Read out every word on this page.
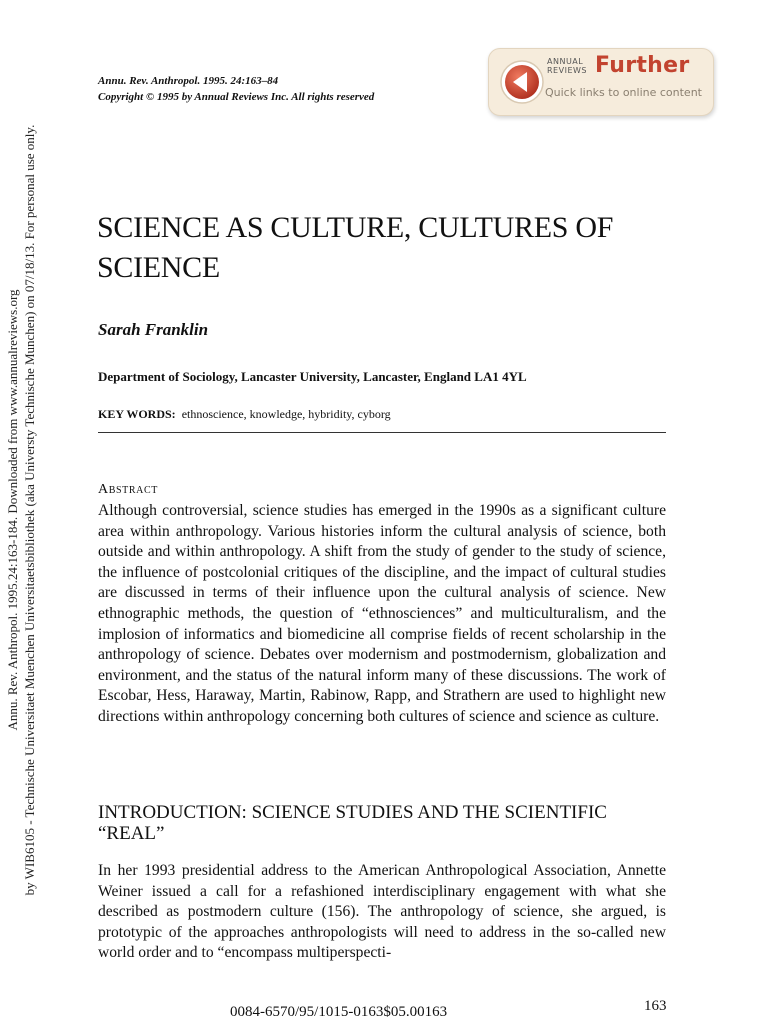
Annu. Rev. Anthropol. 1995.24:163-184. Downloaded from www.annualreviews.org by WIB6105 - Technische Universitaet Muenchen Universitaetsbibliothek (aka Universty Technische Munchen) on 07/18/13. For personal use only.
Annu. Rev. Anthropol. 1995. 24:163–84
Copyright © 1995 by Annual Reviews Inc. All rights reserved
ANNUAL
REVIEWS Further
Quick links to online content
SCIENCE AS CULTURE, CULTURES OF SCIENCE
Sarah Franklin
Department of Sociology, Lancaster University, Lancaster, England LA1 4YL
KEY WORDS: ethnoscience, knowledge, hybridity, cyborg
Abstract

Although controversial, science studies has emerged in the 1990s as a significant culture area within anthropology. Various histories inform the cultural analysis of science, both outside and within anthropology. A shift from the study of gender to the study of science, the influence of postcolonial critiques of the discipline, and the impact of cultural studies are discussed in terms of their influence upon the cultural analysis of science. New ethnographic methods, the question of “ethnosciences” and multiculturalism, and the implosion of informatics and biomedicine all comprise fields of recent scholarship in the anthropology of science. Debates over modernism and postmodernism, globalization and environment, and the status of the natural inform many of these discussions. The work of Escobar, Hess, Haraway, Martin, Rabinow, Rapp, and Strathern are used to highlight new directions within anthropology concerning both cultures of science and science as culture.

INTRODUCTION: SCIENCE STUDIES AND THE SCIENTIFIC “REAL”

In her 1993 presidential address to the American Anthropological Association, Annette Weiner issued a call for a refashioned interdisciplinary engagement with what she described as postmodern culture (156). The anthropology of science, she argued, is prototypic of the approaches anthropologists will need to address in the so-called new world order and to “encompass multiperspecti-

0084-6570/95/1015-0163$05.00163	163
